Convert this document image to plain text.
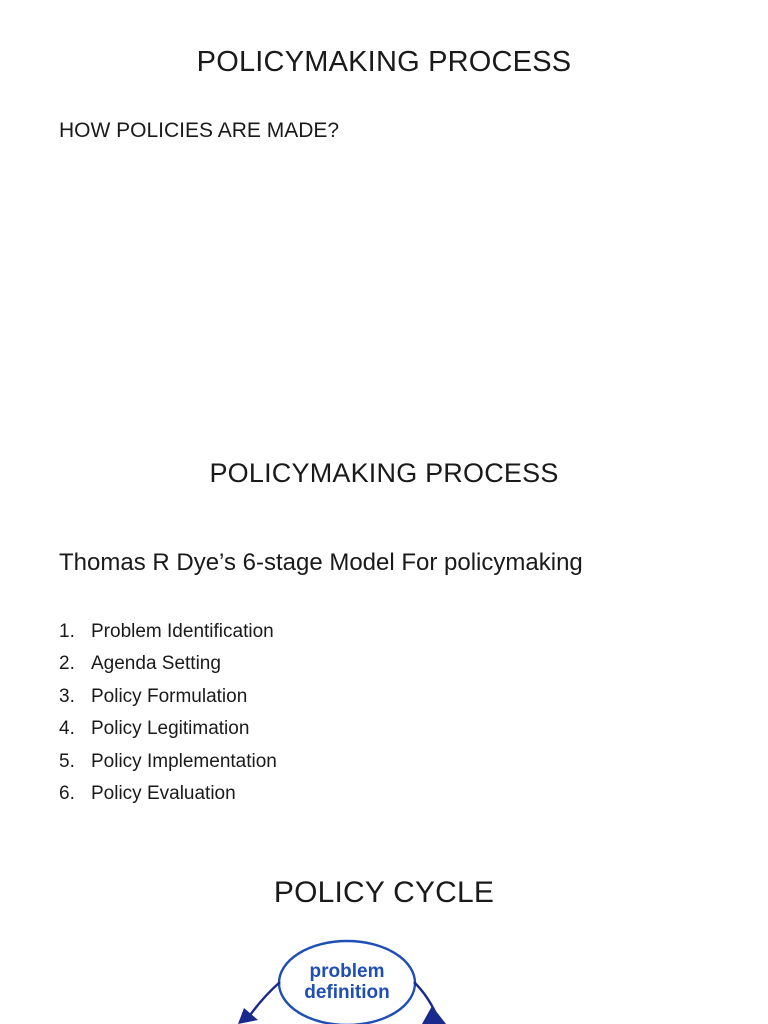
POLICYMAKING PROCESS

HOW POLICIES ARE MADE?

POLICYMAKING PROCESS

Thomas R Dye’s 6-stage Model For policymaking

1. Problem Identification
2. Agenda Setting
3. Policy Formulation
4. Policy Legitimation
5. Policy Implementation
6. Policy Evaluation
POLICY CYCLE
problem
definition
